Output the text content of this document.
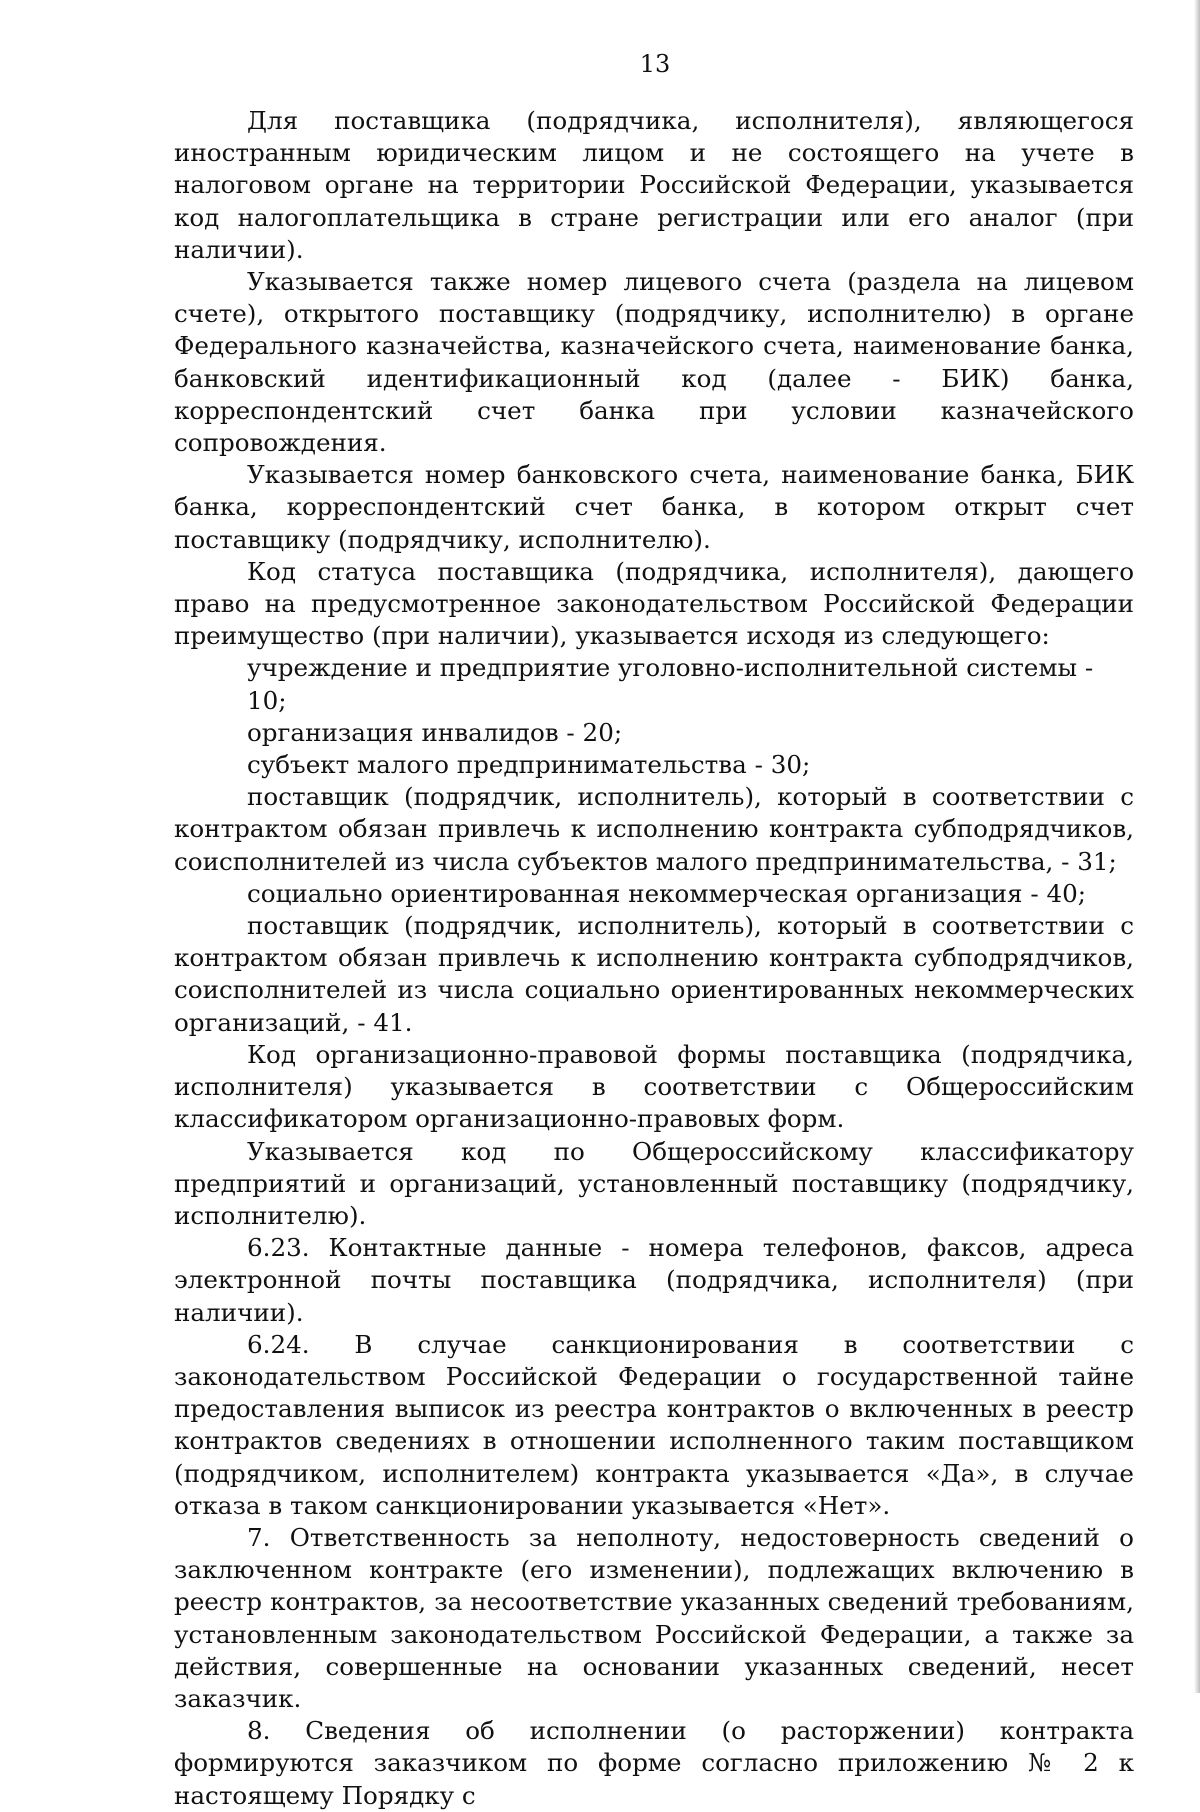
13

Для поставщика (подрядчика, исполнителя), являющегося иностранным юридическим лицом и не состоящего на учете в налоговом органе на территории Российской Федерации, указывается код налогоплательщика в стране регистрации или его аналог (при наличии).

Указывается также номер лицевого счета (раздела на лицевом счете), открытого поставщику (подрядчику, исполнителю) в органе Федерального казначейства, казначейского счета, наименование банка, банковский идентификационный код (далее - БИК) банка, корреспондентский счет банка при условии казначейского сопровождения.

Указывается номер банковского счета, наименование банка, БИК банка, корреспондентский счет банка, в котором открыт счет поставщику (подрядчику, исполнителю).

Код статуса поставщика (подрядчика, исполнителя), дающего право на предусмотренное законодательством Российской Федерации преимущество (при наличии), указывается исходя из следующего:

учреждение и предприятие уголовно-исполнительной системы - 10;

организация инвалидов - 20;

субъект малого предпринимательства - 30;

поставщик (подрядчик, исполнитель), который в соответствии с контрактом обязан привлечь к исполнению контракта субподрядчиков, соисполнителей из числа субъектов малого предпринимательства, - 31;

социально ориентированная некоммерческая организация - 40;

поставщик (подрядчик, исполнитель), который в соответствии с контрактом обязан привлечь к исполнению контракта субподрядчиков, соисполнителей из числа социально ориентированных некоммерческих организаций, - 41.

Код организационно-правовой формы поставщика (подрядчика, исполнителя) указывается в соответствии с Общероссийским классификатором организационно-правовых форм.

Указывается код по Общероссийскому классификатору предприятий и организаций, установленный поставщику (подрядчику, исполнителю).

6.23. Контактные данные - номера телефонов, факсов, адреса электронной почты поставщика (подрядчика, исполнителя) (при наличии).

6.24. В случае санкционирования в соответствии с законодательством Российской Федерации о государственной тайне предоставления выписок из реестра контрактов о включенных в реестр контрактов сведениях в отношении исполненного таким поставщиком (подрядчиком, исполнителем) контракта указывается «Да», в случае отказа в таком санкционировании указывается «Нет».

7. Ответственность за неполноту, недостоверность сведений о заключенном контракте (его изменении), подлежащих включению в реестр контрактов, за несоответствие указанных сведений требованиям, установленным законодательством Российской Федерации, а также за действия, совершенные на основании указанных сведений, несет заказчик.

8. Сведения об исполнении (о расторжении) контракта формируются заказчиком по форме согласно приложению № 2 к настоящему Порядку с
